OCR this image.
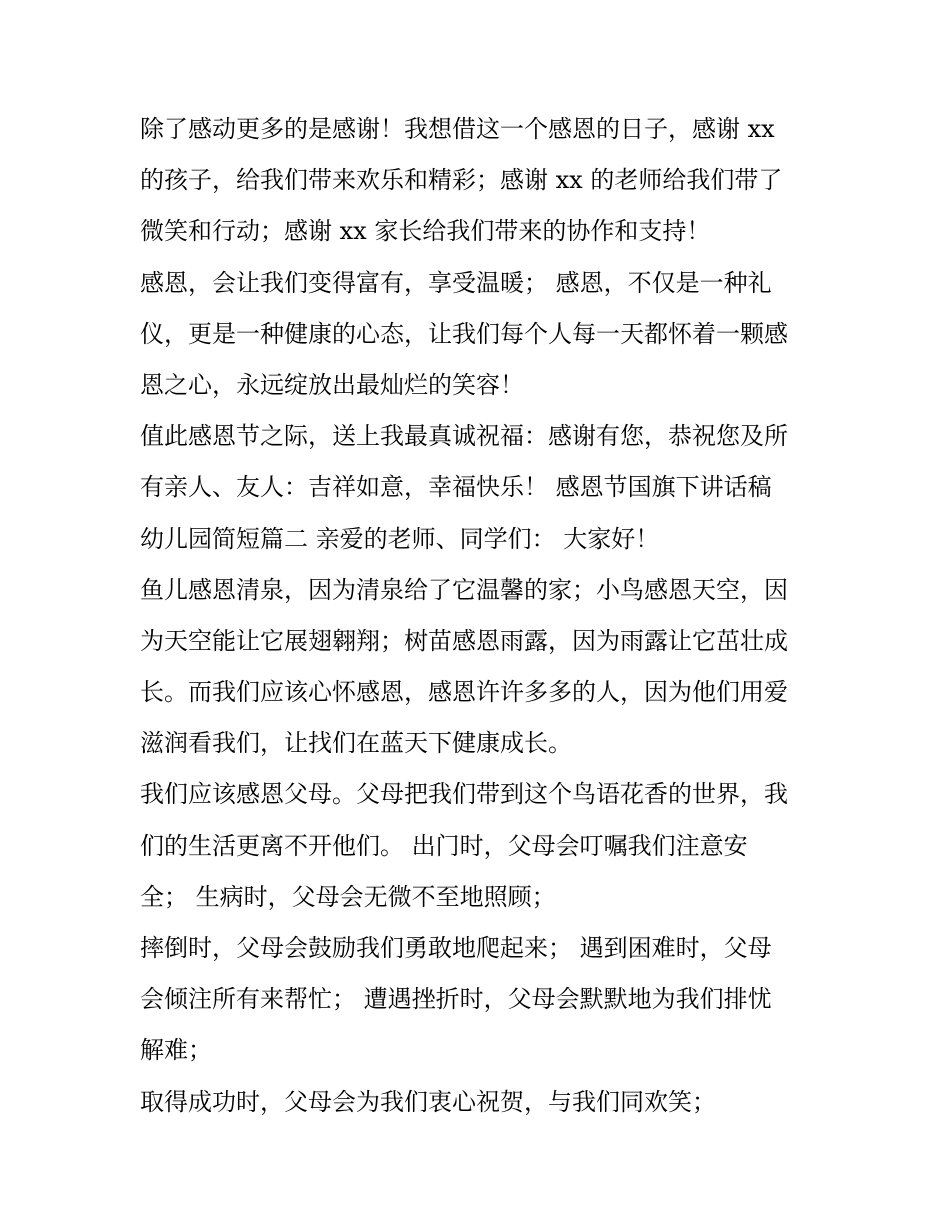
除了感动更多的是感谢！我想借这一个感恩的日子，感谢 xx
的孩子，给我们带来欢乐和精彩；感谢 xx 的老师给我们带了
微笑和行动；感谢 xx 家长给我们带来的协作和支持！
感恩，会让我们变得富有，享受温暖； 感恩，不仅是一种礼
仪，更是一种健康的心态，让我们每个人每一天都怀着一颗感
恩之心，永远绽放出最灿烂的笑容！
值此感恩节之际，送上我最真诚祝福：感谢有您，恭祝您及所
有亲人、友人：吉祥如意，幸福快乐！ 感恩节国旗下讲话稿
幼儿园简短篇二 亲爱的老师、同学们： 大家好！
鱼儿感恩清泉，因为清泉给了它温馨的家；小鸟感恩天空，因
为天空能让它展翅翱翔；树苗感恩雨露，因为雨露让它茁壮成
长。而我们应该心怀感恩，感恩许许多多的人，因为他们用爱
滋润看我们，让找们在蓝天下健康成长。
我们应该感恩父母。父母把我们带到这个鸟语花香的世界，我
们的生活更离不开他们。 出门时，父母会叮嘱我们注意安
全； 生病时，父母会无微不至地照顾；
摔倒时，父母会鼓励我们勇敢地爬起来； 遇到困难时，父母
会倾注所有来帮忙； 遭遇挫折时，父母会默默地为我们排忧
解难；
取得成功时，父母会为我们衷心祝贺，与我们同欢笑；
